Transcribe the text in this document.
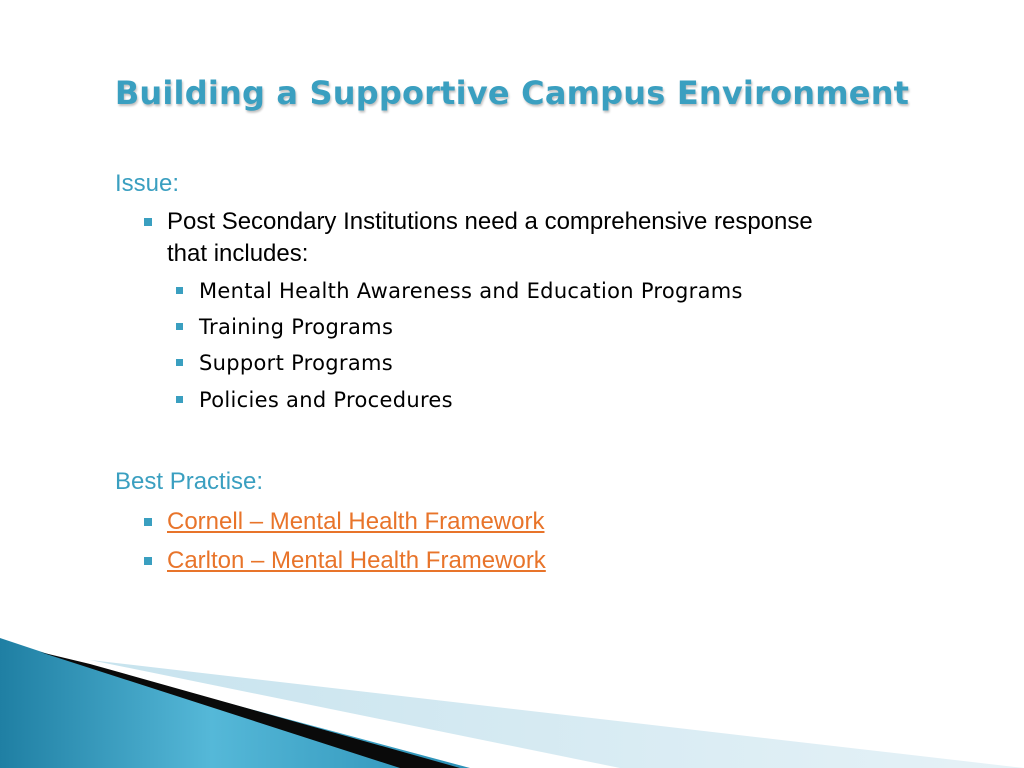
Building a Supportive Campus Environment

Issue:

Post Secondary Institutions need a comprehensive response
that includes:
Mental Health Awareness and Education Programs
Training Programs
Support Programs
Policies and Procedures

Best Practise:

Cornell – Mental Health Framework
Carlton – Mental Health Framework
